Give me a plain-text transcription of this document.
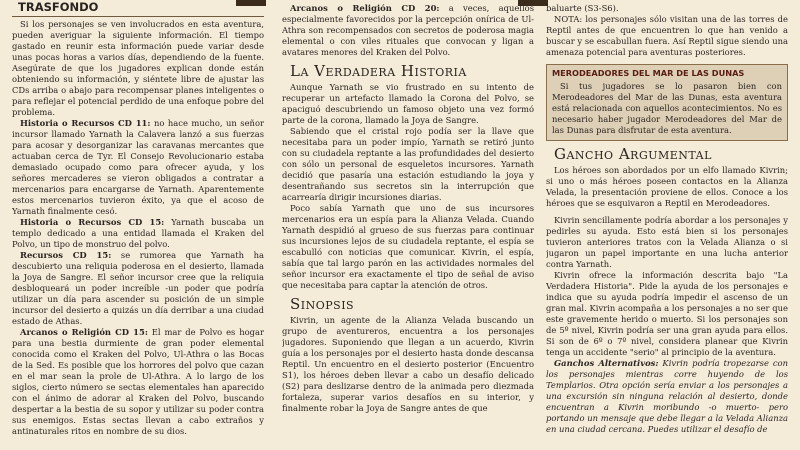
TRASFONDO

Si los personajes se ven involucrados en esta aventura, pueden averiguar la siguiente información. El tiempo gastado en reunir esta información puede variar desde unas pocas horas a varios días, dependiendo de la fuente. Asegúrate de que los jugadores explican donde están obteniendo su información, y siéntete libre de ajustar las CDs arriba o abajo para recompensar planes inteligentes o para reflejar el potencial perdido de una enfoque pobre del problema.

Historia o Recursos CD 11: no hace mucho, un señor incursor llamado Yarnath la Calavera lanzó a sus fuerzas para acosar y desorganizar las caravanas mercantes que actuaban cerca de Tyr. El Consejo Revolucionario estaba demasiado ocupado como para ofrecer ayuda, y los señores mercaderes se vieron obligados a contratar a mercenarios para encargarse de Yarnath. Aparentemente estos mercenarios tuvieron éxito, ya que el acoso de Yarnath finalmente cesó.

Historia o Recursos CD 15: Yarnath buscaba un templo dedicado a una entidad llamada el Kraken del Polvo, un tipo de monstruo del polvo.

Recursos CD 15: se rumorea que Yarnath ha descubierto una reliquia poderosa en el desierto, llamada la Joya de Sangre. El señor incursor cree que la reliquia desbloqueará un poder increíble -un poder que podría utilizar un día para ascender su posición de un simple incursor del desierto a quizás un día derribar a una ciudad estado de Athas.

Arcanos o Religión CD 15: El mar de Polvo es hogar para una bestia durmiente de gran poder elemental conocida como el Kraken del Polvo, Ul-Athra o las Bocas de la Sed. Es posible que los horrores del polvo que cazan en el mar sean la prole de Ul-Athra. A lo largo de los siglos, cierto número se sectas elementales han aparecido con el ánimo de adorar al Kraken del Polvo, buscando despertar a la bestia de su sopor y utilizar su poder contra sus enemigos. Estas sectas llevan a cabo extraños y antinaturales ritos en nombre de su dios.

Arcanos o Religión CD 20: a veces, aquellos especialmente favorecidos por la percepción onírica de Ul-Athra son recompensados con secretos de poderosa magia elemental o con viles rituales que convocan y ligan a avatares menores del Kraken del Polvo.

La Verdadera Historia

Aunque Yarnath se vio frustrado en su intento de recuperar un artefacto llamado la Corona del Polvo, se apaciguó descubriendo un famoso objeto una vez formó parte de la corona, llamado la Joya de Sangre.

Sabiendo que el cristal rojo podía ser la llave que necesitaba para un poder impío, Yarnath se retiró junto con su ciudadela reptante a las profundidades del desierto con sólo un personal de esqueletos incursores. Yarnath decidió que pasaría una estación estudiando la joya y desentrañando sus secretos sin la interrupción que acarrearía dirigir incursiones diarias.

Poco sabía Yarnath que uno de sus incursores mercenarios era un espía para la Alianza Velada. Cuando Yarnath despidió al grueso de sus fuerzas para continuar sus incursiones lejos de su ciudadela reptante, el espía se escabulló con noticias que comunicar. Kivrin, el espía, sabía que tal largo parón en las actividades normales del señor incursor era exactamente el tipo de señal de aviso que necesitaba para captar la atención de otros.

Sinopsis

Kivrin, un agente de la Alianza Velada buscando un grupo de aventureros, encuentra a los personajes jugadores. Suponiendo que llegan a un acuerdo, Kivrin guía a los personajes por el desierto hasta donde descansa Reptil. Un encuentro en el desierto posterior (Encuentro S1), los héroes deben llevar a cabo un desafío delicado (S2) para deslizarse dentro de la animada pero diezmada fortaleza, superar varios desafíos en su interior, y finalmente robar la Joya de Sangre antes de que

baluarte (S3-S6).

NOTA: los personajes sólo visitan una de las torres de Reptil antes de que encuentren lo que han venido a buscar y se escabullan fuera. Así Reptil sigue siendo una amenaza potencial para aventuras posteriores.

MERODEADORES DEL MAR DE LAS DUNAS

Si tus jugadores se lo pasaron bien con Merodeadores del Mar de las Dunas, esta aventura está relacionada con aquellos acontecimientos. No es necesario haber jugador Merodeadores del Mar de las Dunas para disfrutar de esta aventura.

Gancho Argumental

Los héroes son abordados por un elfo llamado Kivrin; si uno o más héroes poseen contactos en la Alianza Velada, la presentación proviene de ellos. Conoce a los héroes que se esquivaron a Reptil en Merodeadores.

Kivrin sencillamente podría abordar a los personajes y pedirles su ayuda. Esto está bien si los personajes tuvieron anteriores tratos con la Velada Alianza o si jugaron un papel importante en una lucha anterior contra Yarnath.

Kivrin ofrece la información descrita bajo "La Verdadera Historia". Pide la ayuda de los personajes e indica que su ayuda podría impedir el ascenso de un gran mal. Kivrin acompaña a los personajes a no ser que este gravemente herido o muerto. Si los personajes son de 5º nivel, Kivrin podría ser una gran ayuda para ellos. Si son de 6º o 7º nivel, considera planear que Kivrin tenga un accidente "serio" al principio de la aventura.

Ganchos Alternativos: Kivrin podría tropezarse con los personajes mientras corre huyendo de los Templarios. Otra opción sería enviar a los personajes a una excursión sin ninguna relación al desierto, donde encuentran a Kivrin moribundo -o muerto- pero portando un mensaje que debe llegar a la Velada Alianza en una ciudad cercana. Puedes utilizar el desafío de
